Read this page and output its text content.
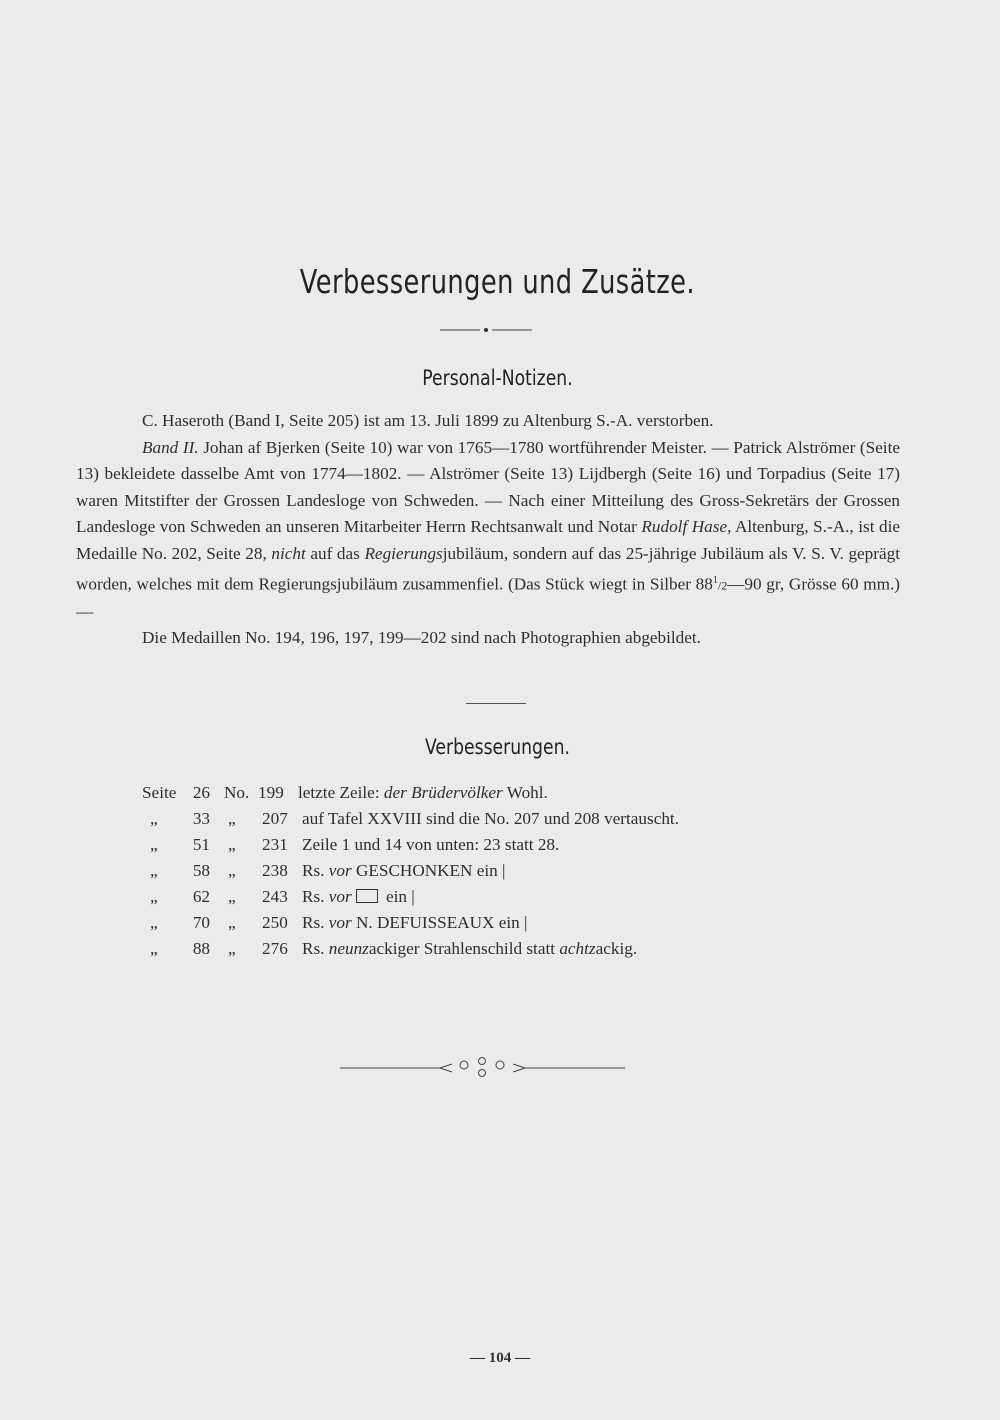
Verbesserungen und Zusätze.
Personal-Notizen.

C. Haseroth (Band I, Seite 205) ist am 13. Juli 1899 zu Altenburg S.-A. verstorben.

Band II. Johan af Bjerken (Seite 10) war von 1765—1780 wortführender Meister. — Patrick Alströmer (Seite 13) bekleidete dasselbe Amt von 1774—1802. — Alströmer (Seite 13) Lijdbergh (Seite 16) und Torpadius (Seite 17) waren Mitstifter der Grossen Landesloge von Schweden. — Nach einer Mitteilung des Gross-Sekretärs der Grossen Landesloge von Schweden an unseren Mitarbeiter Herrn Rechtsanwalt und Notar Rudolf Hase, Altenburg, S.-A., ist die Medaille No. 202, Seite 28, nicht auf das Regierungsjubiläum, sondern auf das 25-jährige Jubiläum als V. S. V. geprägt worden, welches mit dem Regierungsjubiläum zusammenfiel. (Das Stück wiegt in Silber $88^1/2—90$ gr, Grösse 60 mm.) —

Die Medaillen No. 194, 196, 197, 199—202 sind nach Photographien abgebildet.

Verbesserungen.
Seite 26 No. 199 letzte Zeile: der Brüdervölker Wohl.
„	33 „	207 auf Tafel XXVIII sind die No. 207 und 208 vertauscht.
„	51 „	231 Zeile 1 und 14 von unten: 23 statt 28.
„	58 „	238 Rs. vor GESCHONKEN ein |
„	62 „	243 Rs. vor ein |
„	70 „	250 Rs. vor N. DEFUISSEAUX ein |
„	88 „	276 Rs. neunzackiger Strahlenschild statt achtzackig.
— 104 —
